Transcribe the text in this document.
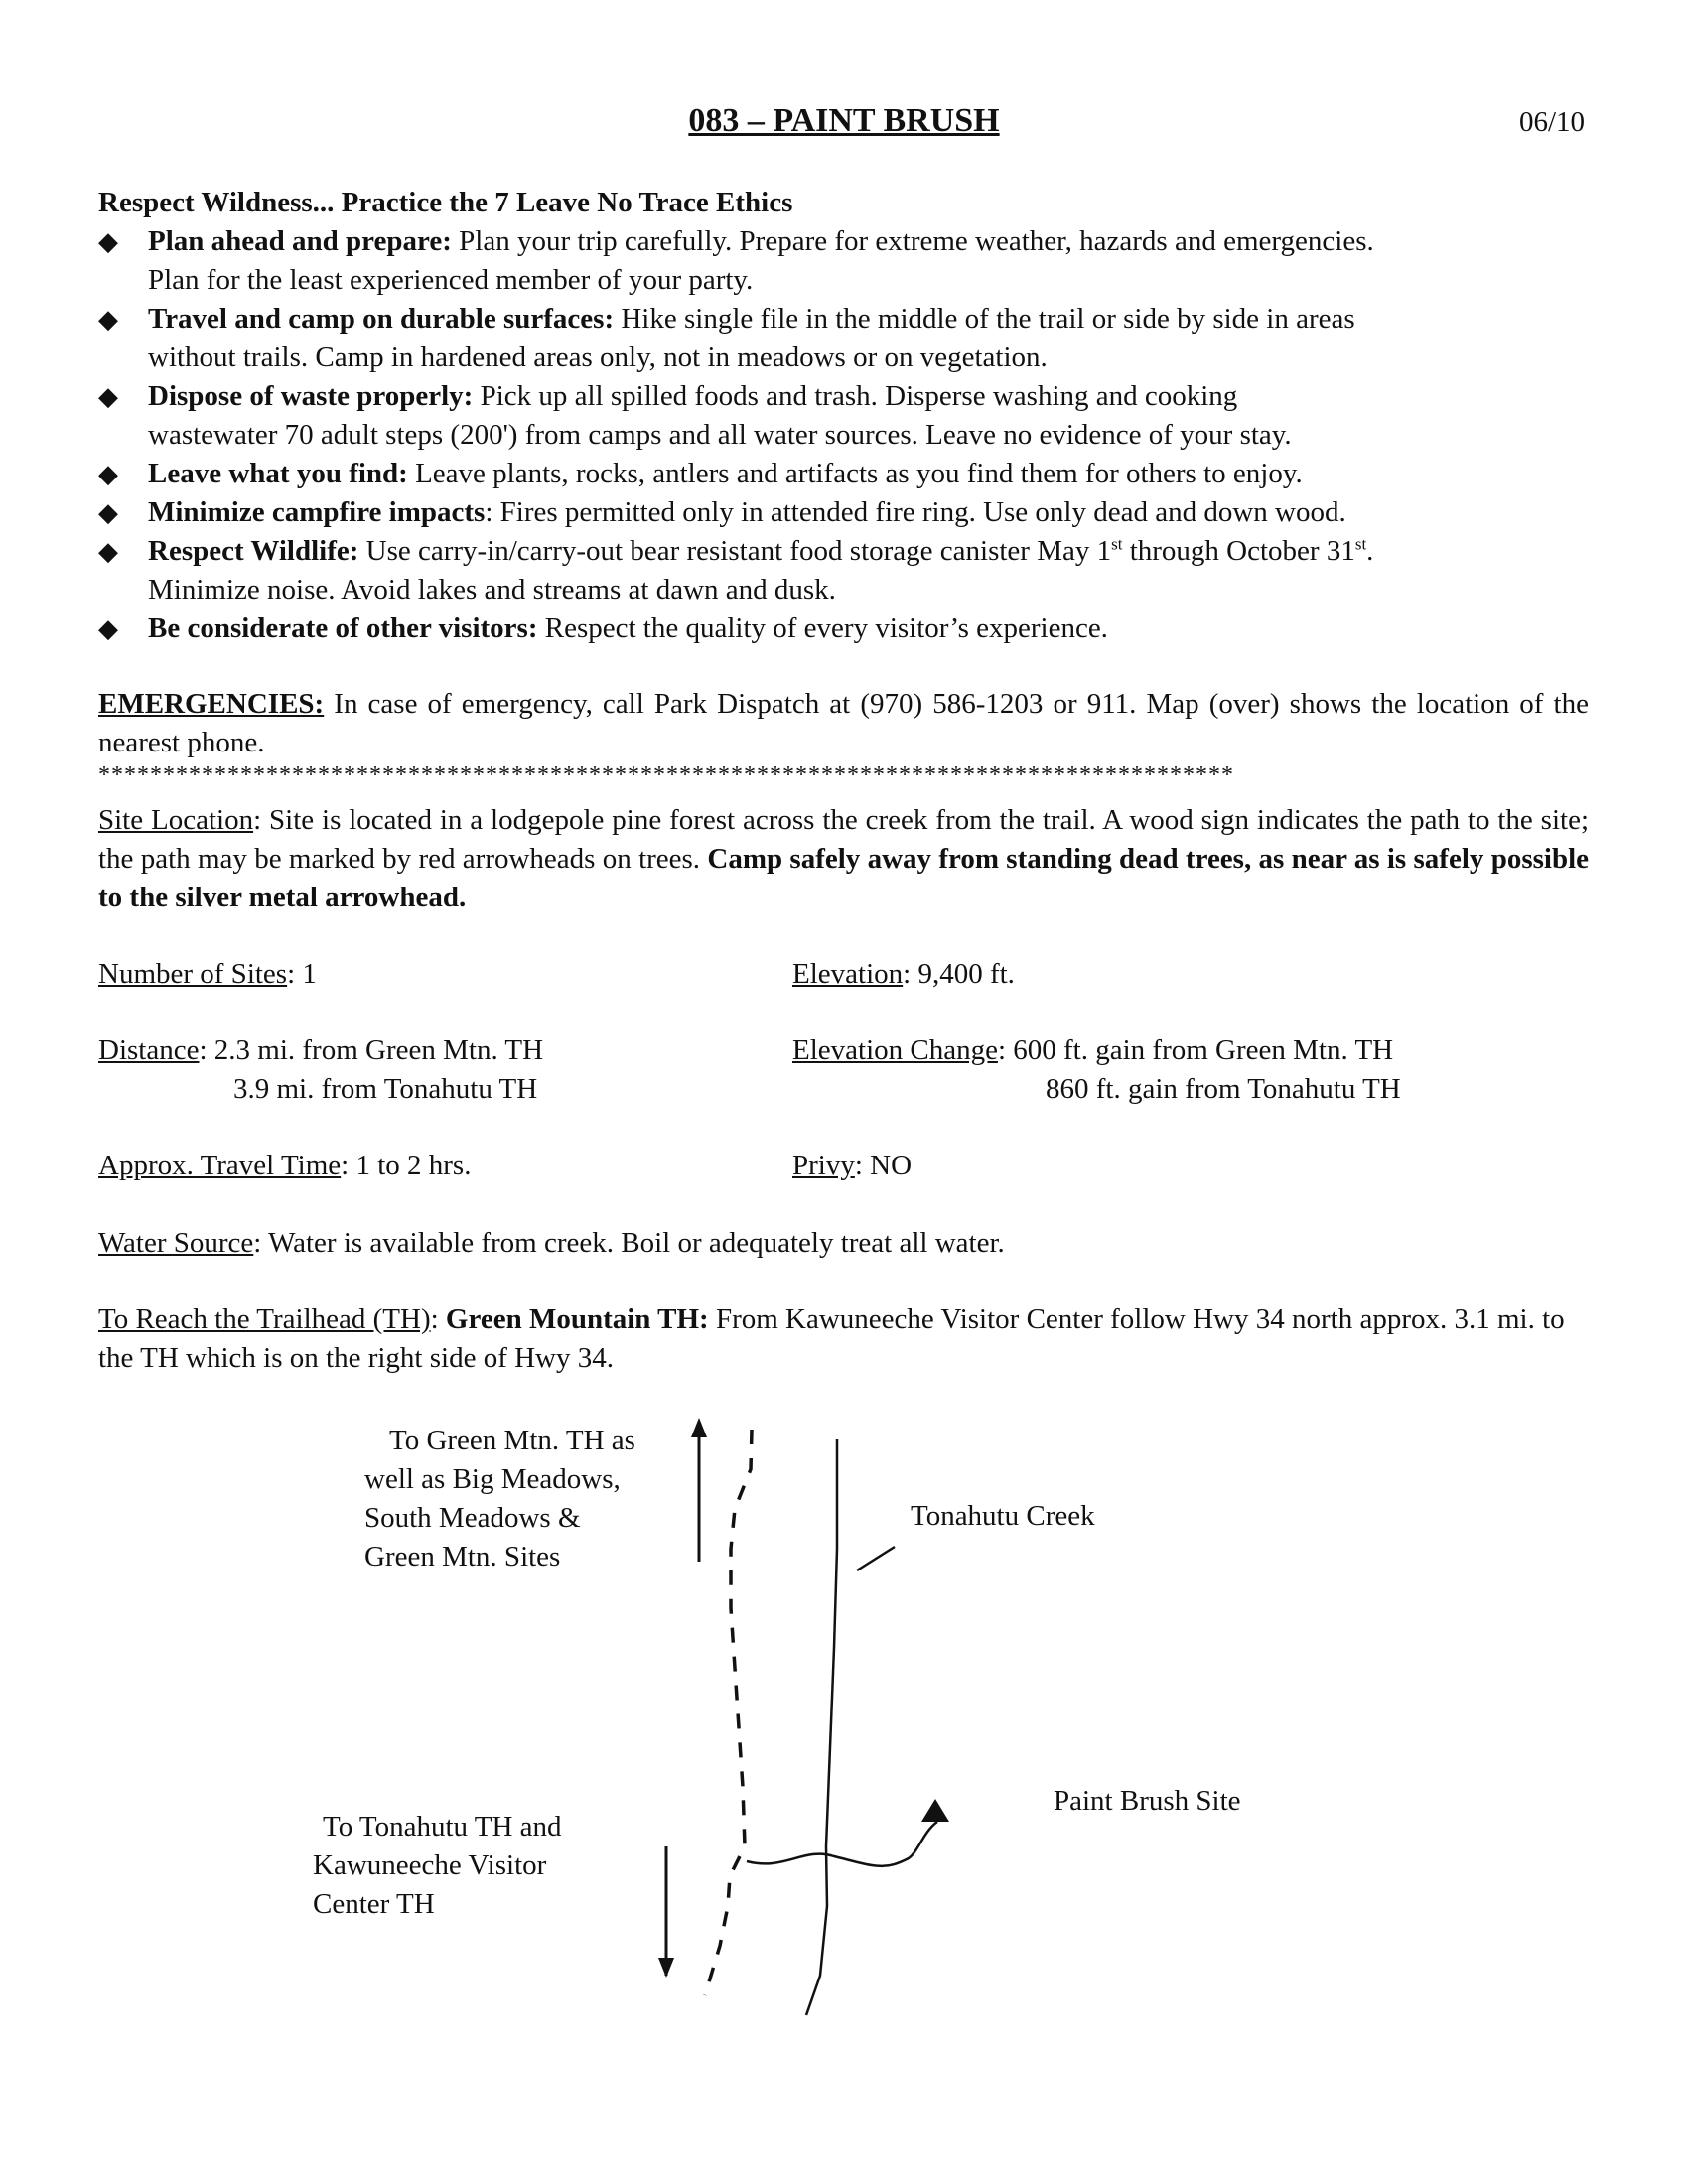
083 – PAINT BRUSH	06/10
Respect Wildness... Practice the 7 Leave No Trace Ethics
◆ Plan ahead and prepare: Plan your trip carefully. Prepare for extreme weather, hazards and emergencies.
Plan for the least experienced member of your party.
◆ Travel and camp on durable surfaces: Hike single file in the middle of the trail or side by side in areas
without trails. Camp in hardened areas only, not in meadows or on vegetation.
◆ Dispose of waste properly: Pick up all spilled foods and trash. Disperse washing and cooking
wastewater 70 adult steps (200') from camps and all water sources. Leave no evidence of your stay.
◆ Leave what you find: Leave plants, rocks, antlers and artifacts as you find them for others to enjoy.
◆ Minimize campfire impacts: Fires permitted only in attended fire ring. Use only dead and down wood.
◆ Respect Wildlife: Use carry-in/carry-out bear resistant food storage canister May 1st through October 31st.
Minimize noise. Avoid lakes and streams at dawn and dusk.
◆ Be considerate of other visitors: Respect the quality of every visitor’s experience.
EMERGENCIES: In case of emergency, call Park Dispatch at (970) 586-1203 or 911. Map (over) shows the location of the nearest phone.
****************************************************************************************
Site Location: Site is located in a lodgepole pine forest across the creek from the trail. A wood sign indicates the path to the site; the path may be marked by red arrowheads on trees. Camp safely away from standing dead trees, as near as is safely possible to the silver metal arrowhead.
Number of Sites: 1	Elevation: 9,400 ft.
Distance: 2.3 mi. from Green Mtn. TH
3.9 mi. from Tonahutu TH
Elevation Change: 600 ft. gain from Green Mtn. TH
860 ft. gain from Tonahutu TH
Approx. Travel Time: 1 to 2 hrs.	Privy: NO
Water Source: Water is available from creek. Boil or adequately treat all water.
To Reach the Trailhead (TH): Green Mountain TH: From Kawuneeche Visitor Center follow Hwy 34 north approx. 3.1 mi. to the TH which is on the right side of Hwy 34.
To Green Mtn. TH as
well as Big Meadows,
South Meadows &
Green Mtn. Sites
Tonahutu Creek
Paint Brush Site
To Tonahutu TH and
Kawuneeche Visitor
Center TH
